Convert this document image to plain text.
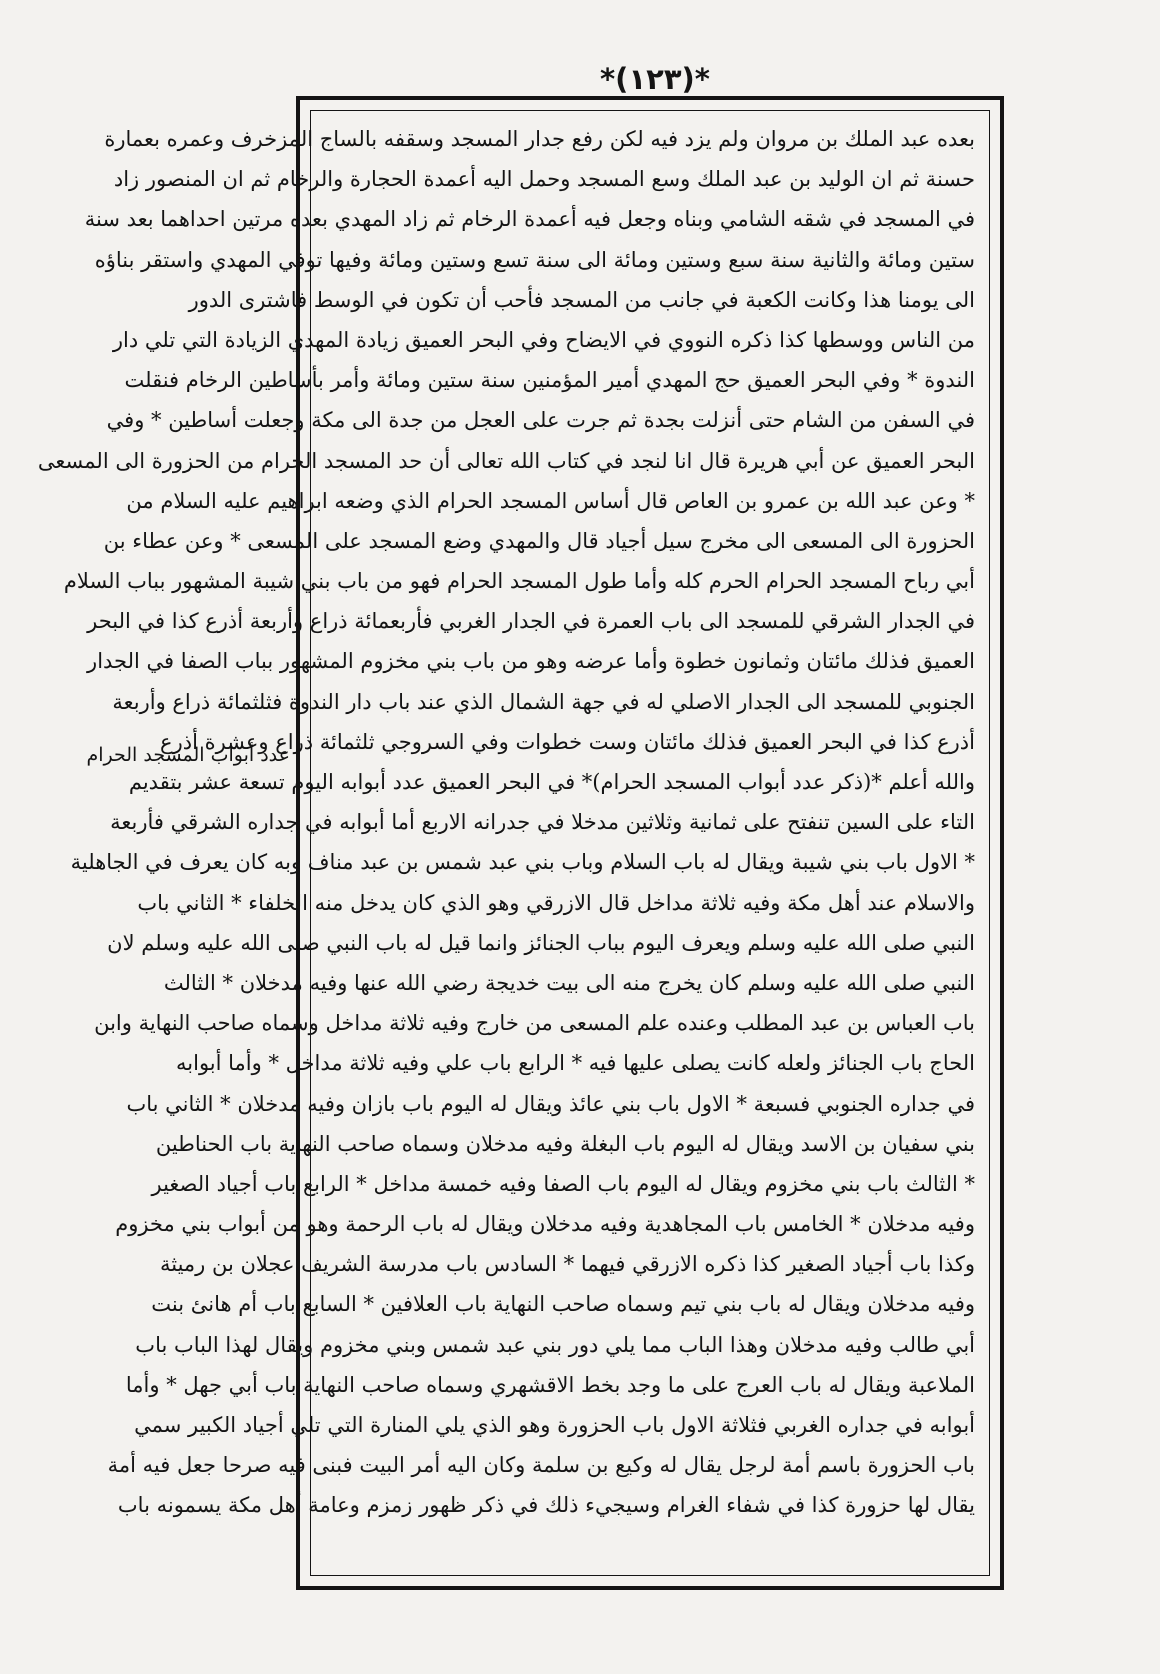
*(١٢٣)*
عدد أبواب المسجد الحرام
بعده عبد الملك بن مروان ولم يزد فيه لكن رفع جدار المسجد وسقفه بالساج المزخرف وعمره بعمارة
حسنة ثم ان الوليد بن عبد الملك وسع المسجد وحمل اليه أعمدة الحجارة والرخام ثم ان المنصور زاد
في المسجد في شقه الشامي وبناه وجعل فيه أعمدة الرخام ثم زاد المهدي بعده مرتين احداهما بعد سنة
ستين ومائة والثانية سنة سبع وستين ومائة الى سنة تسع وستين ومائة وفيها توفي المهدي واستقر بناؤه
الى يومنا هذا وكانت الكعبة في جانب من المسجد فأحب أن تكون في الوسط فاشترى الدور
من الناس ووسطها كذا ذكره النووي في الايضاح وفي البحر العميق زيادة المهدي الزيادة التي تلي دار
الندوة * وفي البحر العميق حج المهدي أمير المؤمنين سنة ستين ومائة وأمر بأساطين الرخام فنقلت
في السفن من الشام حتى أنزلت بجدة ثم جرت على العجل من جدة الى مكة وجعلت أساطين * وفي
البحر العميق عن أبي هريرة قال انا لنجد في كتاب الله تعالى أن حد المسجد الحرام من الحزورة الى المسعى
* وعن عبد الله بن عمرو بن العاص قال أساس المسجد الحرام الذي وضعه ابراهيم عليه السلام من
الحزورة الى المسعى الى مخرج سيل أجياد قال والمهدي وضع المسجد على المسعى * وعن عطاء بن
أبي رباح المسجد الحرام الحرم كله وأما طول المسجد الحرام فهو من باب بني شيبة المشهور بباب السلام
في الجدار الشرقي للمسجد الى باب العمرة في الجدار الغربي فأربعمائة ذراع وأربعة أذرع كذا في البحر
العميق فذلك مائتان وثمانون خطوة وأما عرضه وهو من باب بني مخزوم المشهور بباب الصفا في الجدار
الجنوبي للمسجد الى الجدار الاصلي له في جهة الشمال الذي عند باب دار الندوة فثلثمائة ذراع وأربعة
أذرع كذا في البحر العميق فذلك مائتان وست خطوات وفي السروجي ثلثمائة ذراع وعشرة أذرع
والله أعلم *(ذكر عدد أبواب المسجد الحرام)* في البحر العميق عدد أبوابه اليوم تسعة عشر بتقديم
التاء على السين تنفتح على ثمانية وثلاثين مدخلا في جدرانه الاربع أما أبوابه في جداره الشرقي فأربعة
* الاول باب بني شيبة ويقال له باب السلام وباب بني عبد شمس بن عبد مناف وبه كان يعرف في الجاهلية
والاسلام عند أهل مكة وفيه ثلاثة مداخل قال الازرقي وهو الذي كان يدخل منه الخلفاء * الثاني باب
النبي صلى الله عليه وسلم ويعرف اليوم بباب الجنائز وانما قيل له باب النبي صلى الله عليه وسلم لان
النبي صلى الله عليه وسلم كان يخرج منه الى بيت خديجة رضي الله عنها وفيه مدخلان * الثالث
باب العباس بن عبد المطلب وعنده علم المسعى من خارج وفيه ثلاثة مداخل وسماه صاحب النهاية وابن
الحاج باب الجنائز ولعله كانت يصلى عليها فيه * الرابع باب علي وفيه ثلاثة مداخل * وأما أبوابه
في جداره الجنوبي فسبعة * الاول باب بني عائذ ويقال له اليوم باب بازان وفيه مدخلان * الثاني باب
بني سفيان بن الاسد ويقال له اليوم باب البغلة وفيه مدخلان وسماه صاحب النهاية باب الحناطين
* الثالث باب بني مخزوم ويقال له اليوم باب الصفا وفيه خمسة مداخل * الرابع باب أجياد الصغير
وفيه مدخلان * الخامس باب المجاهدية وفيه مدخلان ويقال له باب الرحمة وهو من أبواب بني مخزوم
وكذا باب أجياد الصغير كذا ذكره الازرقي فيهما * السادس باب مدرسة الشريف عجلان بن رميثة
وفيه مدخلان ويقال له باب بني تيم وسماه صاحب النهاية باب العلافين * السابع باب أم هانئ بنت
أبي طالب وفيه مدخلان وهذا الباب مما يلي دور بني عبد شمس وبني مخزوم ويقال لهذا الباب باب
الملاعبة ويقال له باب العرج على ما وجد بخط الاقشهري وسماه صاحب النهاية باب أبي جهل * وأما
أبوابه في جداره الغربي فثلاثة الاول باب الحزورة وهو الذي يلي المنارة التي تلي أجياد الكبير سمي
باب الحزورة باسم أمة لرجل يقال له وكيع بن سلمة وكان اليه أمر البيت فبنى فيه صرحا جعل فيه أمة
يقال لها حزورة كذا في شفاء الغرام وسيجيء ذلك في ذكر ظهور زمزم وعامة أهل مكة يسمونه باب
